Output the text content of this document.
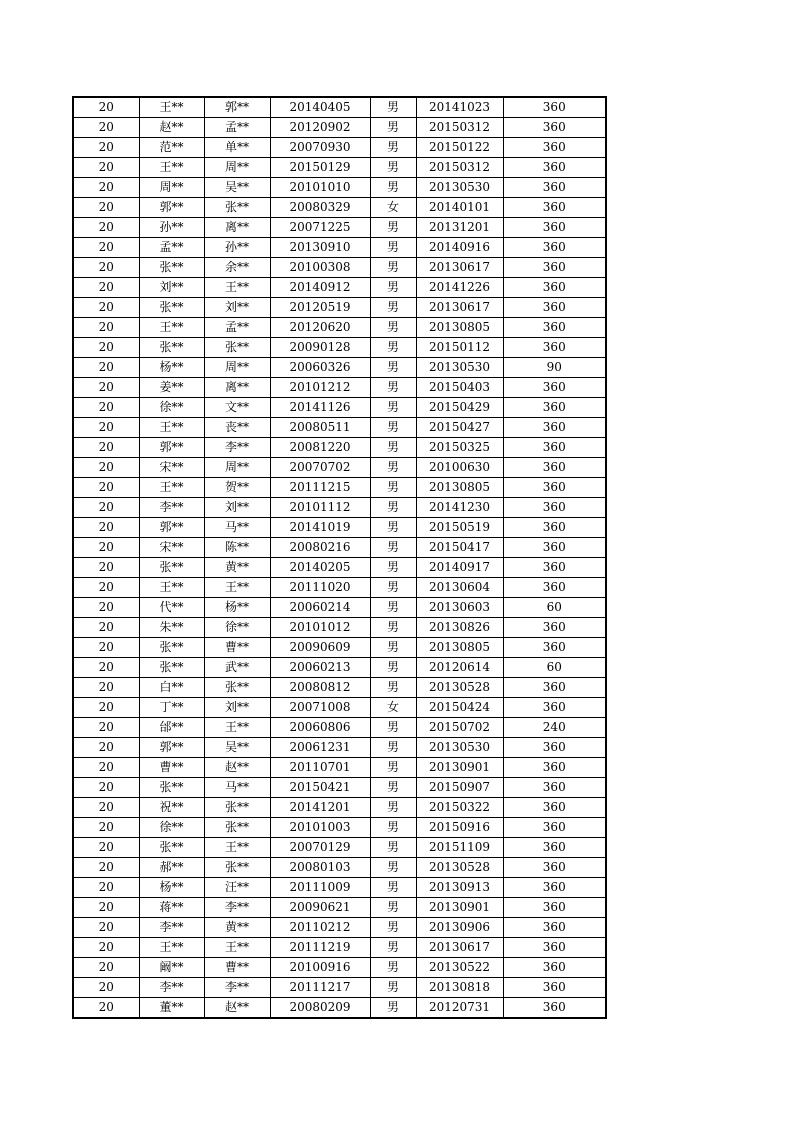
20	王**	郭**	20140405	男	20141023	360
20	赵**	孟**	20120902	男	20150312	360
20	范**	单**	20070930	男	20150122	360
20	王**	周**	20150129	男	20150312	360
20	周**	吴**	20101010	男	20130530	360
20	郭**	张**	20080329	女	20140101	360
20	孙**	离**	20071225	男	20131201	360
20	孟**	孙**	20130910	男	20140916	360
20	张**	余**	20100308	男	20130617	360
20	刘**	王**	20140912	男	20141226	360
20	张**	刘**	20120519	男	20130617	360
20	王**	孟**	20120620	男	20130805	360
20	张**	张**	20090128	男	20150112	360
20	杨**	周**	20060326	男	20130530	90
20	姜**	离**	20101212	男	20150403	360
20	徐**	文**	20141126	男	20150429	360
20	王**	丧**	20080511	男	20150427	360
20	郭**	李**	20081220	男	20150325	360
20	宋**	周**	20070702	男	20100630	360
20	王**	贺**	20111215	男	20130805	360
20	李**	刘**	20101112	男	20141230	360
20	郭**	马**	20141019	男	20150519	360
20	宋**	陈**	20080216	男	20150417	360
20	张**	黄**	20140205	男	20140917	360
20	王**	王**	20111020	男	20130604	360
20	代**	杨**	20060214	男	20130603	60
20	朱**	徐**	20101012	男	20130826	360
20	张**	曹**	20090609	男	20130805	360
20	张**	武**	20060213	男	20120614	60
20	白**	张**	20080812	男	20130528	360
20	丁**	刘**	20071008	女	20150424	360
20	邰**	王**	20060806	男	20150702	240
20	郭**	吴**	20061231	男	20130530	360
20	曹**	赵**	20110701	男	20130901	360
20	张**	马**	20150421	男	20150907	360
20	祝**	张**	20141201	男	20150322	360
20	徐**	张**	20101003	男	20150916	360
20	张**	王**	20070129	男	20151109	360
20	郝**	张**	20080103	男	20130528	360
20	杨**	汪**	20111009	男	20130913	360
20	蒋**	李**	20090621	男	20130901	360
20	李**	黄**	20110212	男	20130906	360
20	王**	王**	20111219	男	20130617	360
20	阚**	曹**	20100916	男	20130522	360
20	李**	李**	20111217	男	20130818	360
20	董**	赵**	20080209	男	20120731	360
